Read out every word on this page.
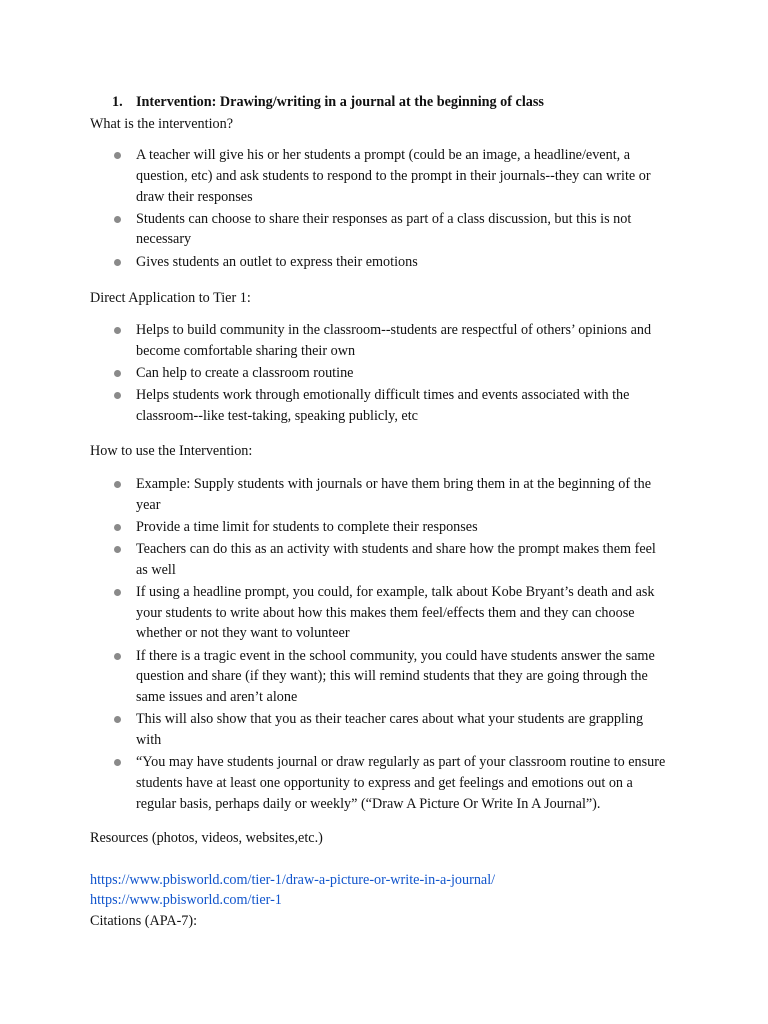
1. Intervention: Drawing/writing in a journal at the beginning of class
What is the intervention?
A teacher will give his or her students a prompt (could be an image, a headline/event, a question, etc) and ask students to respond to the prompt in their journals--they can write or draw their responses
Students can choose to share their responses as part of a class discussion, but this is not necessary
Gives students an outlet to express their emotions
Direct Application to Tier 1:
Helps to build community in the classroom--students are respectful of others’ opinions and become comfortable sharing their own
Can help to create a classroom routine
Helps students work through emotionally difficult times and events associated with the classroom--like test-taking, speaking publicly, etc
How to use the Intervention:
Example: Supply students with journals or have them bring them in at the beginning of the year
Provide a time limit for students to complete their responses
Teachers can do this as an activity with students and share how the prompt makes them feel as well
If using a headline prompt, you could, for example, talk about Kobe Bryant’s death and ask your students to write about how this makes them feel/effects them and they can choose whether or not they want to volunteer
If there is a tragic event in the school community, you could have students answer the same question and share (if they want); this will remind students that they are going through the same issues and aren’t alone
This will also show that you as their teacher cares about what your students are grappling with
“You may have students journal or draw regularly as part of your classroom routine to ensure students have at least one opportunity to express and get feelings and emotions out on a regular basis, perhaps daily or weekly” (“Draw A Picture Or Write In A Journal”).
Resources (photos, videos, websites,etc.)
https://www.pbisworld.com/tier-1/draw-a-picture-or-write-in-a-journal/
https://www.pbisworld.com/tier-1
Citations (APA-7):
